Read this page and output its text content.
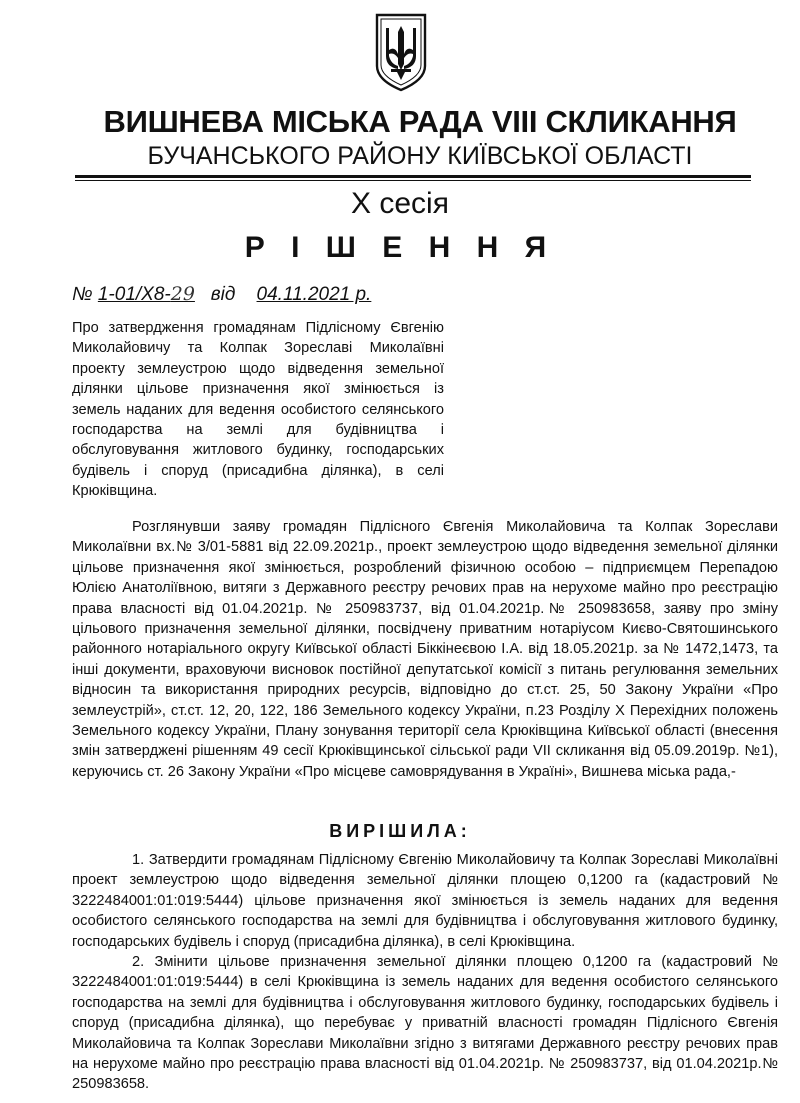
ВИШНЕВА МІСЬКА РАДА VIII СКЛИКАННЯ
БУЧАНСЬКОГО РАЙОНУ КИЇВСЬКОЇ ОБЛАСТІ
Х сесія
Р І Ш Е Н Н Я
№ 1-01/X8-29 від 04.11.2021 р.
Про затвердження громадянам Підлісному Євгенію Миколайовичу та Колпак Зореславі Миколаївні проекту землеустрою щодо відведення земельної ділянки цільове призначення якої змінюється із земель наданих для ведення особистого селянського господарства на землі для будівництва і обслуговування житлового будинку, господарських будівель і споруд (присадибна ділянка), в селі Крюківщина.
Розглянувши заяву громадян Підлісного Євгенія Миколайовича та Колпак Зореслави Миколаївни вх.№ 3/01-5881 від 22.09.2021р., проект землеустрою щодо відведення земельної ділянки цільове призначення якої змінюється, розроблений фізичною особою – підприємцем Перепадою Юлією Анатоліївною, витяги з Державного реєстру речових прав на нерухоме майно про реєстрацію права власності від 01.04.2021р. № 250983737, від 01.04.2021р.№ 250983658, заяву про зміну цільового призначення земельної ділянки, посвідчену приватним нотаріусом Києво-Святошинського районного нотаріального округу Київської області Біккінеєвою І.А. від 18.05.2021р. за № 1472,1473, та інші документи, враховуючи висновок постійної депутатської комісії з питань регулювання земельних відносин та використання природних ресурсів, відповідно до ст.ст. 25, 50 Закону України «Про землеустрій», ст.ст. 12, 20, 122, 186 Земельного кодексу України, п.23 Розділу Х Перехідних положень Земельного кодексу України, Плану зонування території села Крюківщина Київської області (внесення змін затверджені рішенням 49 сесії Крюківщинської сільської ради VII скликання від 05.09.2019р. №1), керуючись ст. 26 Закону України «Про місцеве самоврядування в Україні», Вишнева міська рада,-
ВИРІШИЛА:

1. Затвердити громадянам Підлісному Євгенію Миколайовичу та Колпак Зореславі Миколаївні проект землеустрою щодо відведення земельної ділянки площею 0,1200 га (кадастровий № 3222484001:01:019:5444) цільове призначення якої змінюється із земель наданих для ведення особистого селянського господарства на землі для будівництва і обслуговування житлового будинку, господарських будівель і споруд (присадибна ділянка), в селі Крюківщина.

2. Змінити цільове призначення земельної ділянки площею 0,1200 га (кадастровий № 3222484001:01:019:5444) в селі Крюківщина із земель наданих для ведення особистого селянського господарства на землі для будівництва і обслуговування житлового будинку, господарських будівель і споруд (присадибна ділянка), що перебуває у приватній власності громадян Підлісного Євгенія Миколайовича та Колпак Зореслави Миколаївни згідно з витягами Державного реєстру речових прав на нерухоме майно про реєстрацію права власності від 01.04.2021р. № 250983737, від 01.04.2021р.№ 250983658.
